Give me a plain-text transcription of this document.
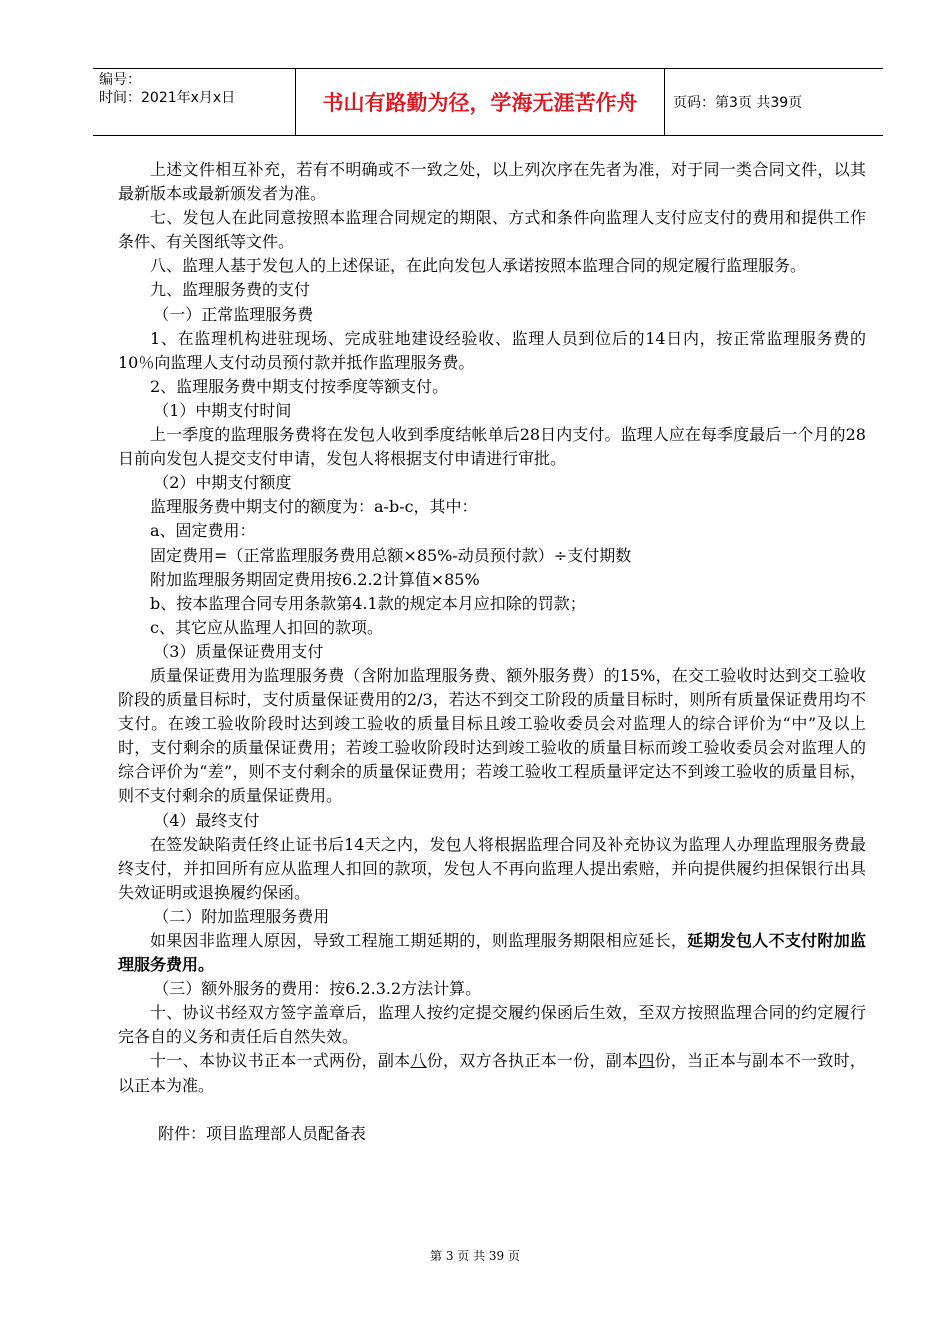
编号：
时间：2021年x月x日	书山有路勤为径，学海无涯苦作舟	页码：第3页 共39页

上述文件相互补充，若有不明确或不一致之处，以上列次序在先者为准，对于同一类合同文件，以其最新版本或最新颁发者为准。

七、发包人在此同意按照本监理合同规定的期限、方式和条件向监理人支付应支付的费用和提供工作条件、有关图纸等文件。

八、监理人基于发包人的上述保证，在此向发包人承诺按照本监理合同的规定履行监理服务。

九、监理服务费的支付

（一）正常监理服务费

1、在监理机构进驻现场、完成驻地建设经验收、监理人员到位后的14日内，按正常监理服务费的10％向监理人支付动员预付款并抵作监理服务费。

2、监理服务费中期支付按季度等额支付。

（1）中期支付时间

上一季度的监理服务费将在发包人收到季度结帐单后28日内支付。监理人应在每季度最后一个月的28日前向发包人提交支付申请，发包人将根据支付申请进行审批。

（2）中期支付额度

监理服务费中期支付的额度为：a-b-c，其中：

a、固定费用：

固定费用=（正常监理服务费用总额×85%-动员预付款）÷支付期数

附加监理服务期固定费用按6.2.2计算值×85%

b、按本监理合同专用条款第4.1款的规定本月应扣除的罚款；

c、其它应从监理人扣回的款项。

（3）质量保证费用支付

质量保证费用为监理服务费（含附加监理服务费、额外服务费）的15%，在交工验收时达到交工验收阶段的质量目标时，支付质量保证费用的2/3，若达不到交工阶段的质量目标时，则所有质量保证费用均不支付。在竣工验收阶段时达到竣工验收的质量目标且竣工验收委员会对监理人的综合评价为“中”及以上时，支付剩余的质量保证费用；若竣工验收阶段时达到竣工验收的质量目标而竣工验收委员会对监理人的综合评价为“差”，则不支付剩余的质量保证费用；若竣工验收工程质量评定达不到竣工验收的质量目标，则不支付剩余的质量保证费用。

（4）最终支付

在签发缺陷责任终止证书后14天之内，发包人将根据监理合同及补充协议为监理人办理监理服务费最终支付，并扣回所有应从监理人扣回的款项，发包人不再向监理人提出索赔，并向提供履约担保银行出具失效证明或退换履约保函。

（二）附加监理服务费用

如果因非监理人原因，导致工程施工期延期的，则监理服务期限相应延长，延期发包人不支付附加监理服务费用。

（三）额外服务的费用：按6.2.3.2方法计算。

十、协议书经双方签字盖章后，监理人按约定提交履约保函后生效，至双方按照监理合同的约定履行完各自的义务和责任后自然失效。

十一、本协议书正本一式两份，副本八份，双方各执正本一份，副本四份，当正本与副本不一致时，以正本为准。

附件：项目监理部人员配备表

第 3 页 共 39 页
